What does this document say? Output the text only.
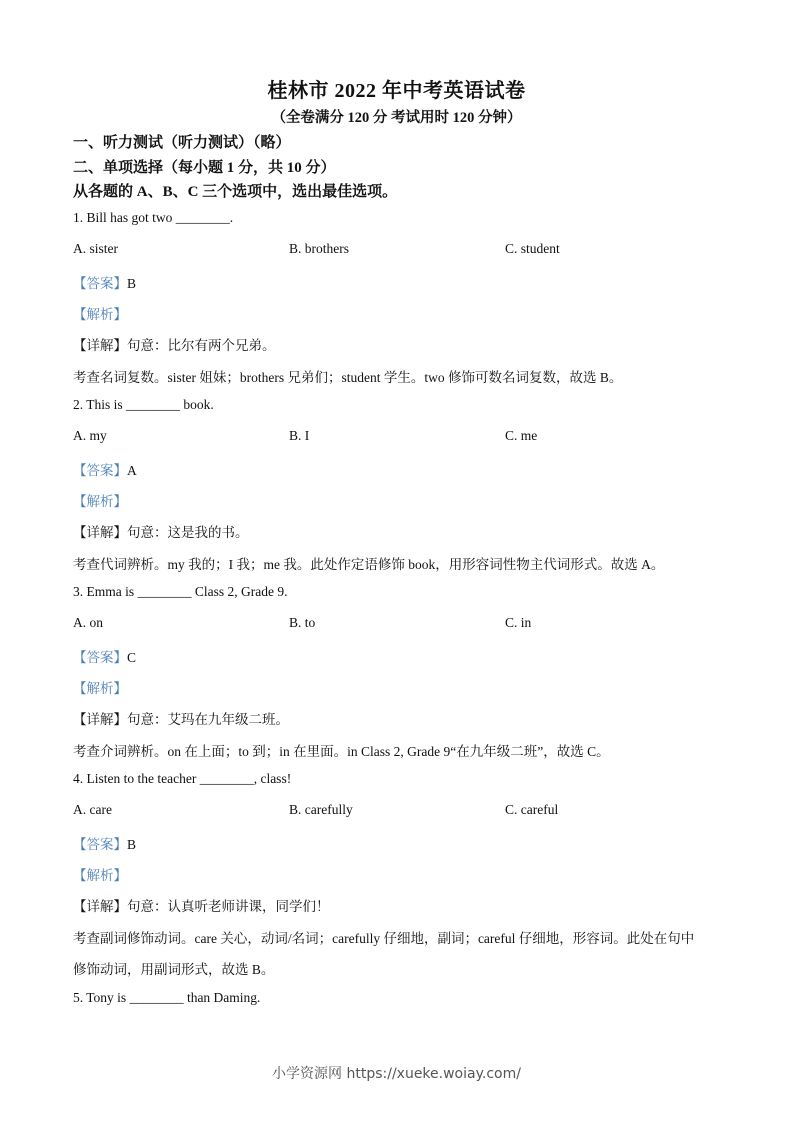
桂林市 2022 年中考英语试卷
（全卷满分 120 分 考试用时 120 分钟）
一、听力测试（听力测试）（略）
二、单项选择（每小题 1 分，共 10 分）
从各题的 A、B、C 三个选项中，选出最佳选项。
1. Bill has got two ________.
A. sister	B. brothers	C. student
【答案】B
【解析】
【详解】句意：比尔有两个兄弟。
考查名词复数。sister 姐妹；brothers 兄弟们；student 学生。two 修饰可数名词复数，故选 B。
2. This is ________ book.
A. my	B. I	C. me
【答案】A
【解析】
【详解】句意：这是我的书。
考查代词辨析。my 我的；I 我；me 我。此处作定语修饰 book，用形容词性物主代词形式。故选 A。
3. Emma is ________ Class 2, Grade 9.
A. on	B. to	C. in
【答案】C
【解析】
【详解】句意：艾玛在九年级二班。
考查介词辨析。on 在上面；to 到；in 在里面。in Class 2, Grade 9“在九年级二班”，故选 C。
4. Listen to the teacher ________, class!
A. care	B. carefully	C. careful
【答案】B
【解析】
【详解】句意：认真听老师讲课，同学们！
考查副词修饰动词。care 关心，动词/名词；carefully 仔细地，副词；careful 仔细地，形容词。此处在句中
修饰动词，用副词形式，故选 B。
5. Tony is ________ than Daming.
小学资源网 https://xueke.woiay.com/
